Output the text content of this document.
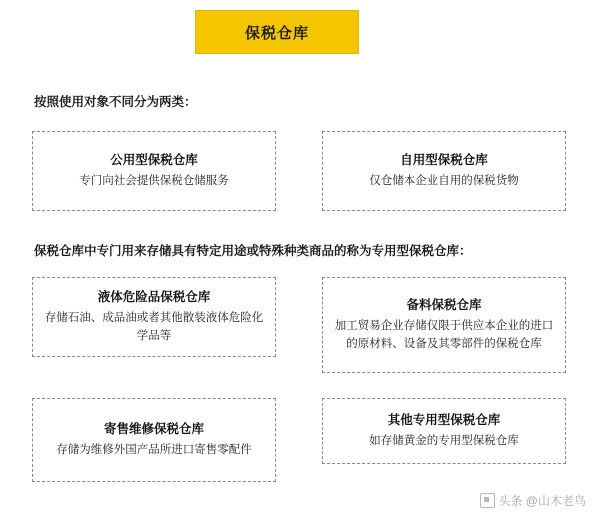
保税仓库
按照使用对象不同分为两类：
公用型保税仓库
专门向社会提供保税仓储服务
自用型保税仓库
仅仓储本企业自用的保税货物
保税仓库中专门用来存储具有特定用途或特殊种类商品的称为专用型保税仓库：
液体危险品保税仓库
存储石油、成品油或者其他散装液体危险化学品等
备料保税仓库
加工贸易企业存储仅限于供应本企业的进口的原材料、设备及其零部件的保税仓库
寄售维修保税仓库
存储为维修外国产品所进口寄售零配件
其他专用型保税仓库
如存储黄金的专用型保税仓库
头条 @山木老鸟
